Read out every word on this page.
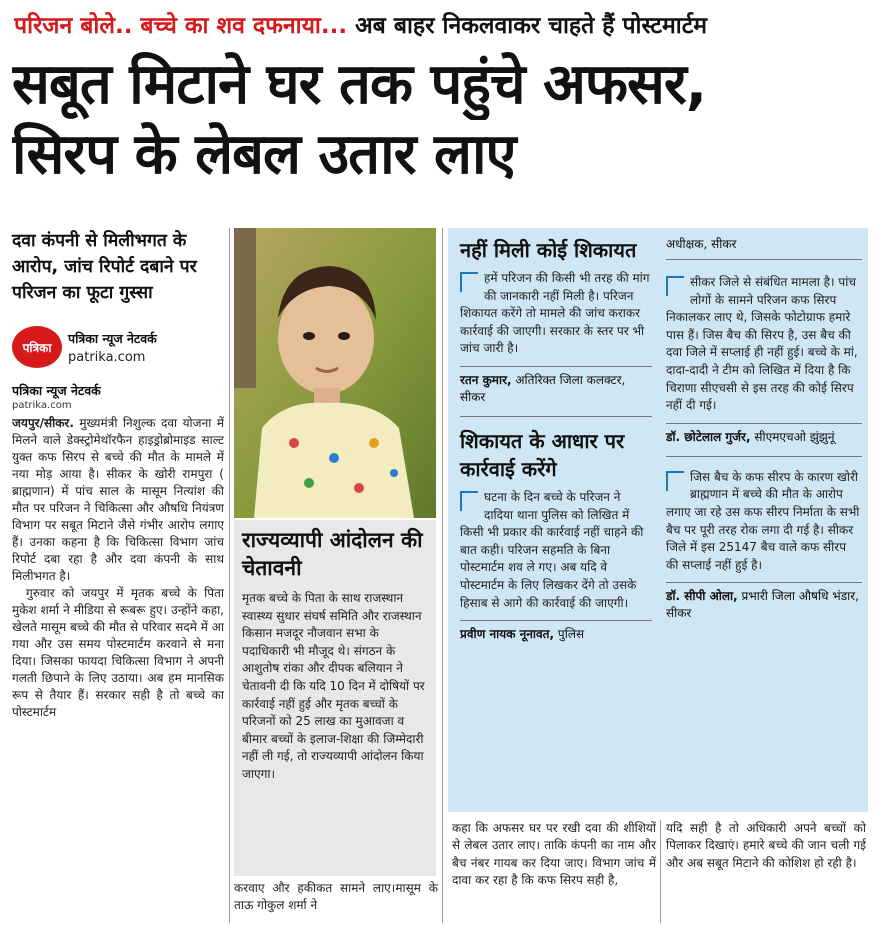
परिजन बोले.. बच्चे का शव दफनाया... अब बाहर निकलवाकर चाहते हैं पोस्टमार्टम
सबूत मिटाने घर तक पहुंचे अफसर,
सिरप के लेबल उतार लाए
दवा कंपनी से मिलीभगत के आरोप, जांच रिपोर्ट दबाने पर परिजन का फूटा गुस्सा
पत्रिका
पत्रिका न्यूज नेटवर्क
patrika.com
पत्रिका न्यूज नेटवर्क
patrika.com

जयपुर/सीकर. मुख्यमंत्री निशुल्क दवा योजना में मिलने वाले डेक्स्ट्रोमेथॉरफैन हाइड्रोब्रोमाइड साल्ट युक्त कफ सिरप से बच्चे की मौत के मामले में नया मोड़ आया है। सीकर के खोरी रामपुरा ( ब्राह्मणान) में पांच साल के मासूम नित्यांश की मौत पर परिजन ने चिकित्सा और औषधि नियंत्रण विभाग पर सबूत मिटाने जैसे गंभीर आरोप लगाए हैं। उनका कहना है कि चिकित्सा विभाग जांच रिपोर्ट दबा रहा है और दवा कंपनी के साथ मिलीभगत है।

गुरुवार को जयपुर में मृतक बच्चे के पिता मुकेश शर्मा ने मीडिया से रूबरू हुए। उन्होंने कहा, खेलते मासूम बच्चे की मौत से परिवार सदमे में आ गया और उस समय पोस्टमार्टम करवाने से मना दिया। जिसका फायदा चिकित्सा विभाग ने अपनी गलती छिपाने के लिए उठाया। अब हम मानसिक रूप से तैयार हैं। सरकार सही है तो बच्चे का पोस्टमार्टम

राज्यव्यापी आंदोलन की चेतावनी
मृतक बच्चे के पिता के साथ राजस्थान स्वास्थ्य सुधार संघर्ष समिति और राजस्थान किसान मजदूर नौजवान सभा के पदाधिकारी भी मौजूद थे। संगठन के आशुतोष रांका और दीपक बलियान ने चेतावनी दी कि यदि 10 दिन में दोषियों पर कार्रवाई नहीं हुई और मृतक बच्चों के परिजनों को 25 लाख का मुआवजा व बीमार बच्चों के इलाज-शिक्षा की जिम्मेदारी नहीं ली गई, तो राज्यव्यापी आंदोलन किया जाएगा।
करवाए और हकीकत सामने लाए।मासूम के ताऊ गोकुल शर्मा ने
नहीं मिली कोई शिकायत
हमें परिजन की किसी भी तरह की मांग की जानकारी नहीं मिली है। परिजन शिकायत करेंगे तो मामले की जांच कराकर कार्रवाई की जाएगी। सरकार के स्तर पर भी जांच जारी है।
रतन कुमार, अतिरिक्त जिला कलक्टर, सीकर
शिकायत के आधार पर कार्रवाई करेंगे
घटना के दिन बच्चे के परिजन ने दादिया थाना पुलिस को लिखित में किसी भी प्रकार की कार्रवाई नहीं चाहने की बात कही। परिजन सहमति के बिना पोस्टमार्टम शव ले गए। अब यदि वे पोस्टमार्टम के लिए लिखकर देंगे तो उसके हिसाब से आगे की कार्रवाई की जाएगी।
प्रवीण नायक नूनावत, पुलिस
अधीक्षक, सीकर
सीकर जिले से संबंधित मामला है। पांच लोगों के सामने परिजन कफ सिरप निकालकर लाए थे, जिसके फोटोग्राफ हमारे पास हैं। जिस बैच की सिरप है, उस बैच की दवा जिले में सप्लाई ही नहीं हुई। बच्चे के मां, दादा-दादी ने टीम को लिखित में दिया है कि चिराणा सीएचसी से इस तरह की कोई सिरप नहीं दी गई।
डॉ. छोटेलाल गुर्जर, सीएमएचओ झुंझुनूं
जिस बैच के कफ सीरप के कारण खोरी ब्राह्मणान में बच्चे की मौत के आरोप लगाए जा रहे उस कफ सीरप निर्माता के सभी बैच पर पूरी तरह रोक लगा दी गई है। सीकर जिले में इस 25147 बैच वाले कफ सीरप की सप्लाई नहीं हुई है।
डॉ. सीपी ओला, प्रभारी जिला औषधि भंडार, सीकर
कहा कि अफसर घर पर रखी दवा की शीशियों से लेबल उतार लाए। ताकि कंपनी का नाम और बैच नंबर गायब कर दिया जाए। विभाग जांच में दावा कर रहा है कि कफ सिरप सही है,
यदि सही है तो अधिकारी अपने बच्चों को पिलाकर दिखाएं। हमारे बच्चे की जान चली गई और अब सबूत मिटाने की कोशिश हो रही है।
